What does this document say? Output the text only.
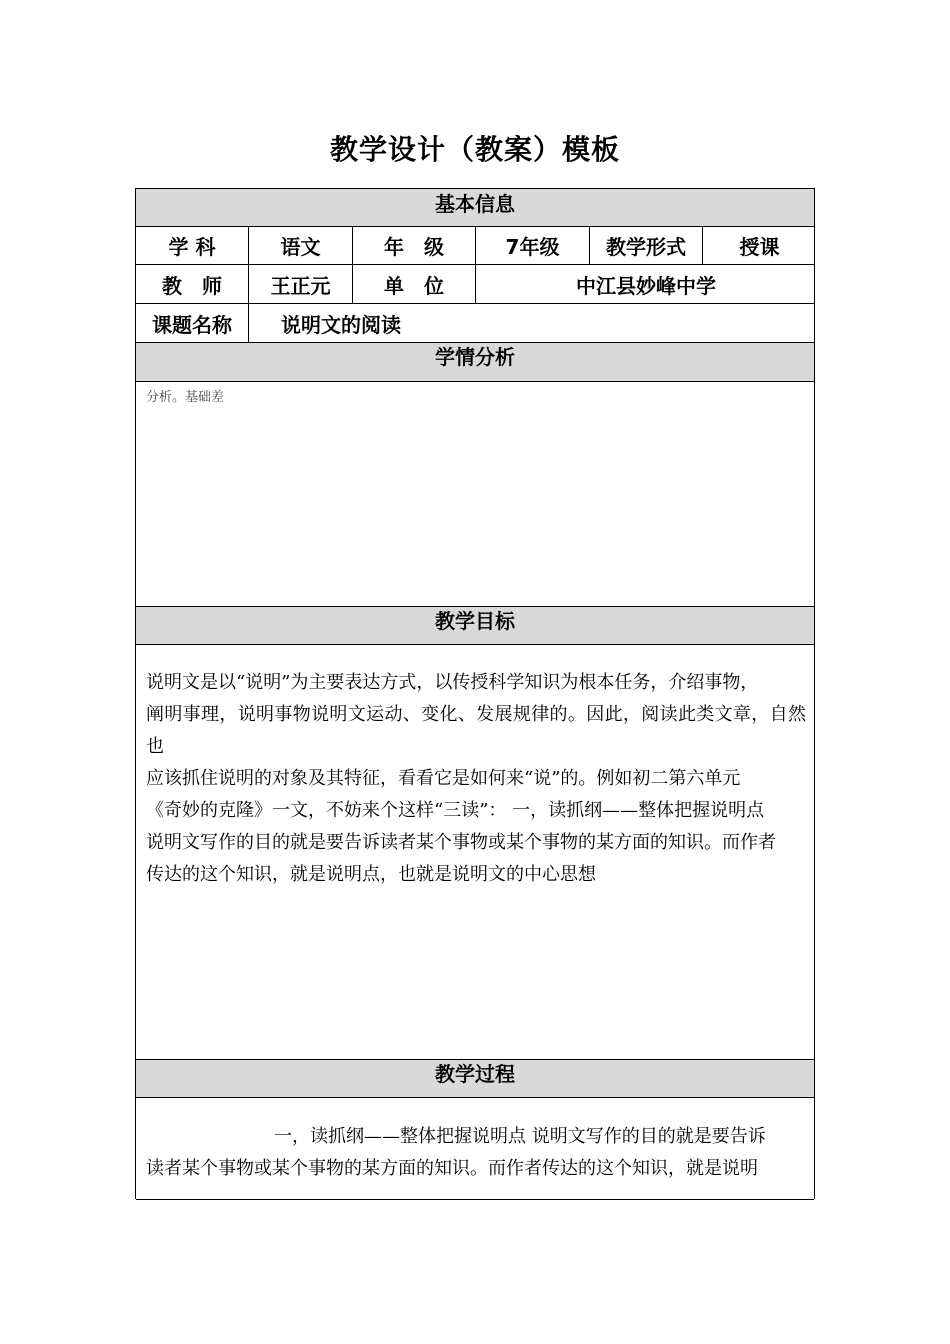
教学设计（教案）模板
基本信息
学 科	语文	年　级	7年级	教学形式	授课
教　师	王正元	单　位	中江县妙峰中学
课题名称	说明文的阅读
学情分析
分析。基础差
教学目标
说明文是以“说明”为主要表达方式，以传授科学知识为根本任务，介绍事物，
阐明事理，说明事物说明文运动、变化、发展规律的。因此，阅读此类文章，自然也
应该抓住说明的对象及其特征，看看它是如何来“说”的。例如初二第六单元
《奇妙的克隆》一文，不妨来个这样“三读”： 一，读抓纲——整体把握说明点
说明文写作的目的就是要告诉读者某个事物或某个事物的某方面的知识。而作者
传达的这个知识，就是说明点，也就是说明文的中心思想
教学过程
一，读抓纲——整体把握说明点 说明文写作的目的就是要告诉
读者某个事物或某个事物的某方面的知识。而作者传达的这个知识，就是说明
